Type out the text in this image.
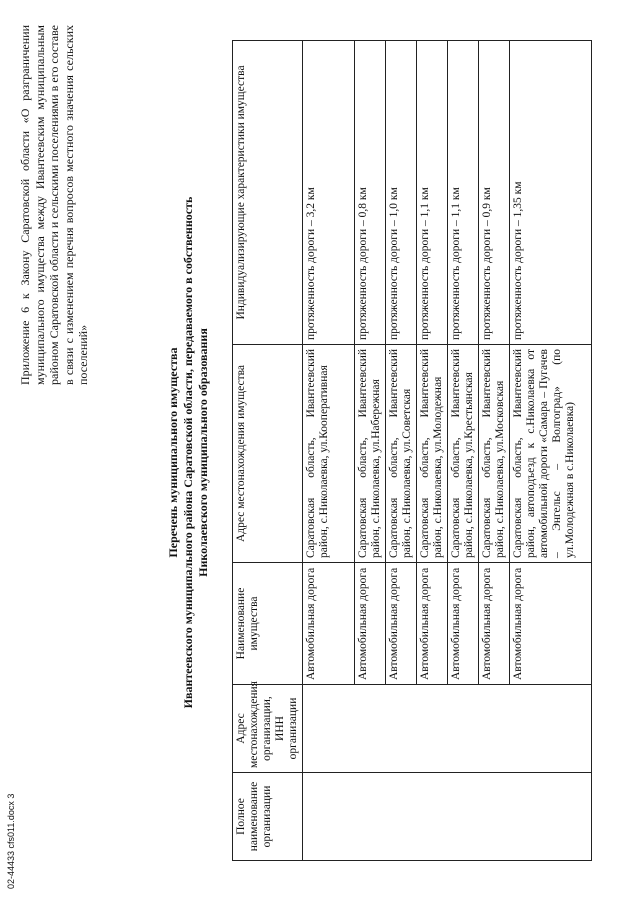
02-44433 cfs011.docx 3
Приложение 6 к Закону Саратовской области «О разграничении муниципального имущества между Ивантеевским муниципальным районом Саратовской области и сельскими поселениями в его составе в связи с изменением перечня вопросов местного значения сельских поселений»	Перечень муниципального имущества Ивантеевского муниципального района Саратовской области, передаваемого в собственность Николаевского муниципального образования
Полное наименование организации	Адрес местонахождения организации, ИНН организации	Наименование имущества	Адрес местонахождения имущества	Индивидуализирующие характеристики имущества
		Автомобильная дорога	Саратовская область, Ивантеевский район, с.Николаевка, ул.Кооперативная	протяженность дороги – 3,2 км
		Автомобильная дорога	Саратовская область, Ивантеевский район, с.Николаевка, ул.Набережная	протяженность дороги – 0,8 км
		Автомобильная дорога	Саратовская область, Ивантеевский район, с.Николаевка, ул.Советская	протяженность дороги – 1,0 км
		Автомобильная дорога	Саратовская область, Ивантеевский район, с.Николаевка, ул.Молодежная	протяженность дороги – 1,1 км
		Автомобильная дорога	Саратовская область, Ивантеевский район, с.Николаевка, ул.Крестьянская	протяженность дороги – 1,1 км
		Автомобильная дорога	Саратовская область, Ивантеевский район, с.Николаевка, ул.Московская	протяженность дороги – 0,9 км
		Автомобильная дорога	Саратовская область, Ивантеевский район, автоподъезд к с.Николаевка от автомобильной дороги «Самара – Пугачев – Энгельс – Волгоград» (по ул.Молодежная в с.Николаевка)	протяженность дороги – 1,35 км
